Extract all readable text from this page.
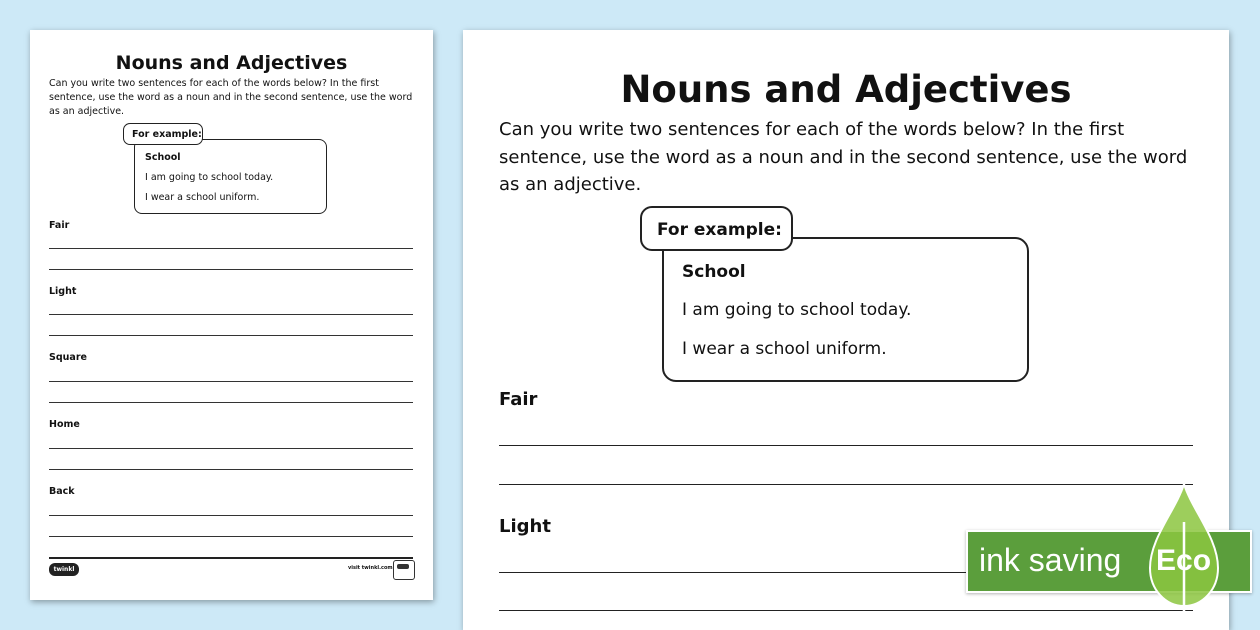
Nouns and Adjectives
Can you write two sentences for each of the words below? In the first sentence, use the word as a noun and in the second sentence, use the word as an adjective.
For example:
School
I am going to school today.
I wear a school uniform.
Fair
Light
Square
Home
Back
twinkl	visit twinkl.com
Nouns and Adjectives
Can you write two sentences for each of the words below? In the first sentence, use the word as a noun and in the second sentence, use the word as an adjective.
For example:
School
I am going to school today.
I wear a school uniform.
Fair
Light
ink saving Eco
